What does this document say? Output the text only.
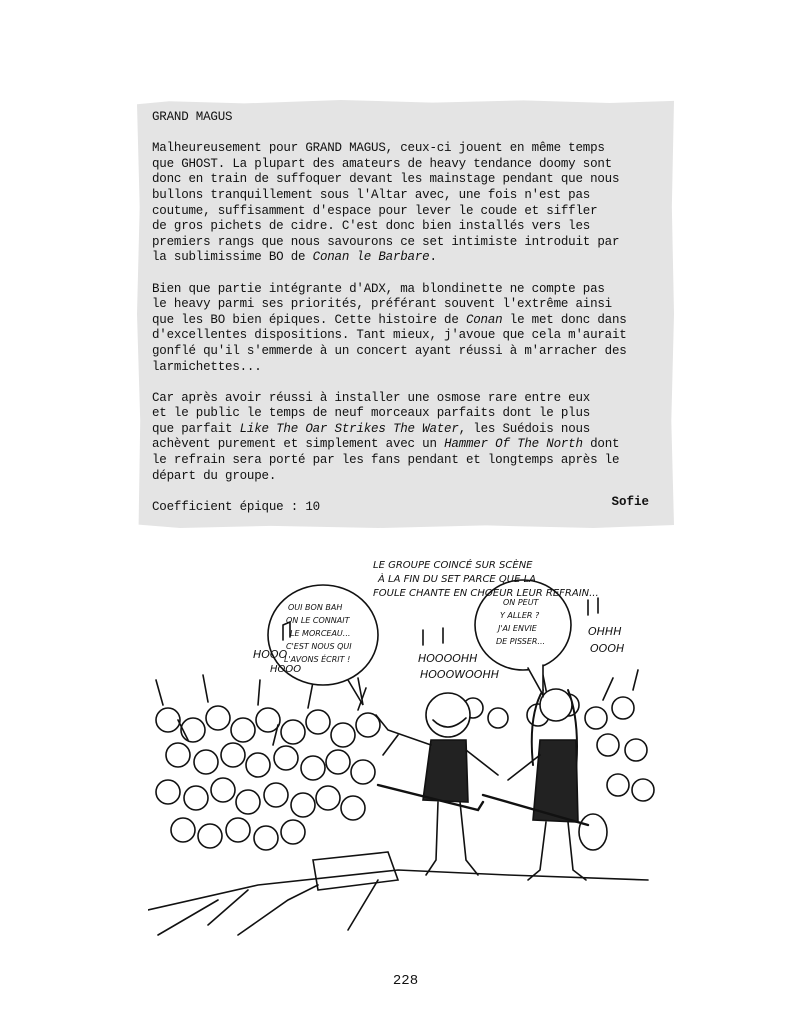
GRAND MAGUS

Malheureusement pour GRAND MAGUS, ceux-ci jouent en même temps
que GHOST. La plupart des amateurs de heavy tendance doomy sont
donc en train de suffoquer devant les mainstage pendant que nous
bullons tranquillement sous l'Altar avec, une fois n'est pas
coutume, suffisamment d'espace pour lever le coude et siffler
de gros pichets de cidre. C'est donc bien installés vers les
premiers rangs que nous savourons ce set intimiste introduit par
la sublimissime BO de Conan le Barbare.

Bien que partie intégrante d'ADX, ma blondinette ne compte pas
le heavy parmi ses priorités, préférant souvent l'extrême ainsi
que les BO bien épiques. Cette histoire de Conan le met donc dans
d'excellentes dispositions. Tant mieux, j'avoue que cela m'aurait
gonflé qu'il s'emmerde à un concert ayant réussi à m'arracher des
larmichettes...

Car après avoir réussi à installer une osmose rare entre eux
et le public le temps de neuf morceaux parfaits dont le plus
que parfait Like The Oar Strikes The Water, les Suédois nous
achèvent purement et simplement avec un Hammer Of The North dont
le refrain sera porté par les fans pendant et longtemps après le
départ du groupe.

Coefficient épique : 10	Sofie
LE GROUPE COINCÉ SUR SCÈNE
À LA FIN DU SET PARCE QUE LA
FOULE CHANTE EN CHOEUR LEUR REFRAIN...
OUI BON BAH
ON LE CONNAIT
LE MORCEAU...
C'EST NOUS QUI
L'AVONS ÉCRIT !
ON PEUT
Y ALLER ?
J'AI ENVIE
DE PISSER...
HOOO
HOOO
HOOOOHH
HOOOWOOHH
OHHH
OOOH
228
